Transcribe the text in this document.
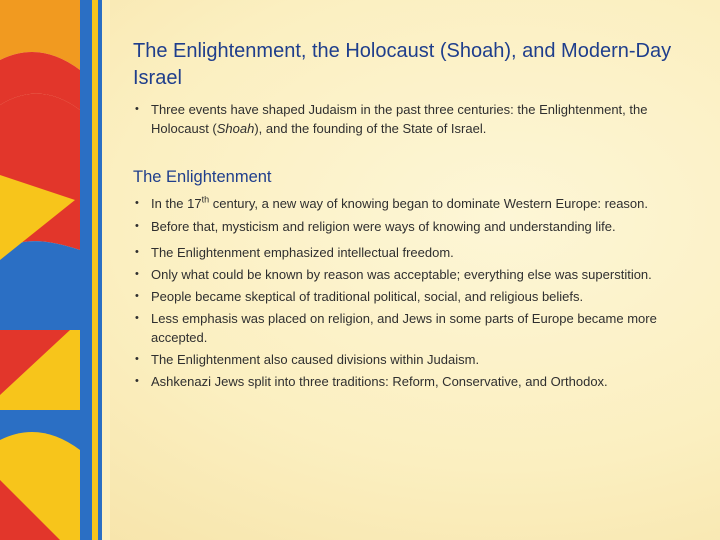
The Enlightenment, the Holocaust (Shoah), and Modern-Day Israel
• Three events have shaped Judaism in the past three centuries: the Enlightenment, the Holocaust (Shoah), and the founding of the State of Israel.
The Enlightenment
• In the 17th century, a new way of knowing began to dominate Western Europe: reason.
• Before that, mysticism and religion were ways of knowing and understanding life.
• The Enlightenment emphasized intellectual freedom.
• Only what could be known by reason was acceptable; everything else was superstition.
• People became skeptical of traditional political, social, and religious beliefs.
• Less emphasis was placed on religion, and Jews in some parts of Europe became more accepted.
• The Enlightenment also caused divisions within Judaism.
• Ashkenazi Jews split into three traditions: Reform, Conservative, and Orthodox.
